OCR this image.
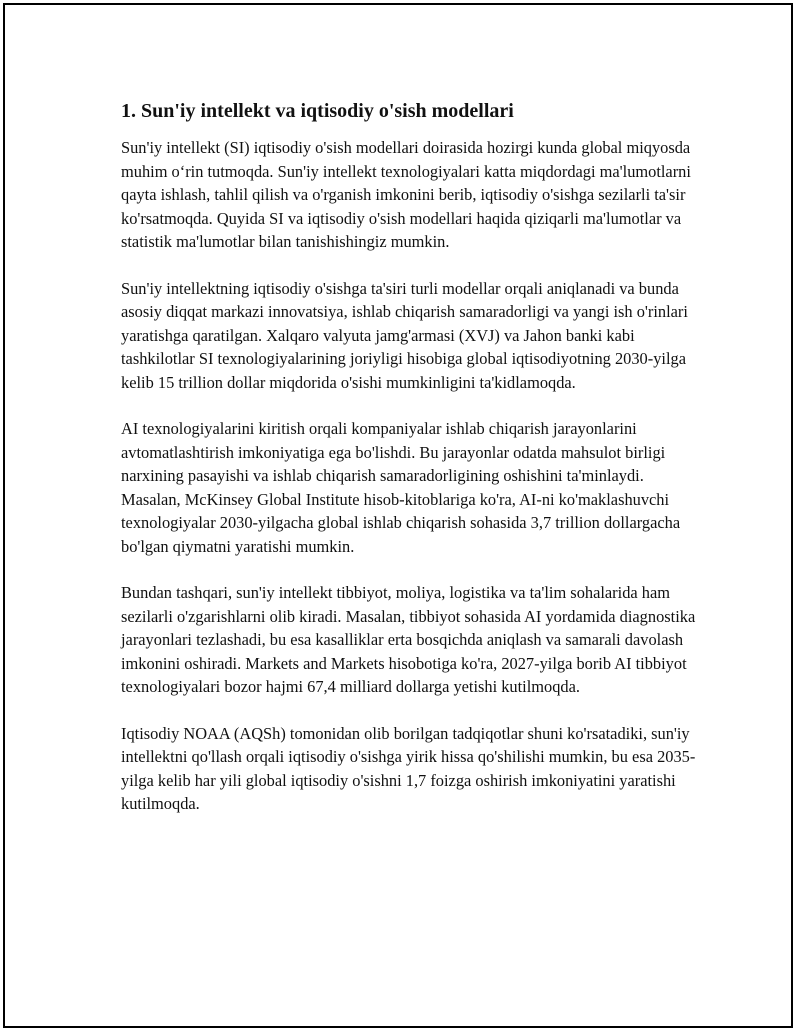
1. Sun'iy intellekt va iqtisodiy o'sish modellari

Sun'iy intellekt (SI) iqtisodiy o'sish modellari doirasida hozirgi kunda global miqyosda muhim oʻrin tutmoqda. Sun'iy intellekt texnologiyalari katta miqdordagi ma'lumotlarni qayta ishlash, tahlil qilish va o'rganish imkonini berib, iqtisodiy o'sishga sezilarli ta'sir ko'rsatmoqda. Quyida SI va iqtisodiy o'sish modellari haqida qiziqarli ma'lumotlar va statistik ma'lumotlar bilan tanishishingiz mumkin.

Sun'iy intellektning iqtisodiy o'sishga ta'siri turli modellar orqali aniqlanadi va bunda asosiy diqqat markazi innovatsiya, ishlab chiqarish samaradorligi va yangi ish o'rinlari yaratishga qaratilgan. Xalqaro valyuta jamg'armasi (XVJ) va Jahon banki kabi tashkilotlar SI texnologiyalarining joriyligi hisobiga global iqtisodiyotning 2030-yilga kelib 15 trillion dollar miqdorida o'sishi mumkinligini ta'kidlamoqda.

AI texnologiyalarini kiritish orqali kompaniyalar ishlab chiqarish jarayonlarini avtomatlashtirish imkoniyatiga ega bo'lishdi. Bu jarayonlar odatda mahsulot birligi narxining pasayishi va ishlab chiqarish samaradorligining oshishini ta'minlaydi. Masalan, McKinsey Global Institute hisob-kitoblariga ko'ra, AI-ni ko'maklashuvchi texnologiyalar 2030-yilgacha global ishlab chiqarish sohasida 3,7 trillion dollargacha bo'lgan qiymatni yaratishi mumkin.

Bundan tashqari, sun'iy intellekt tibbiyot, moliya, logistika va ta'lim sohalarida ham sezilarli o'zgarishlarni olib kiradi. Masalan, tibbiyot sohasida AI yordamida diagnostika jarayonlari tezlashadi, bu esa kasalliklar erta bosqichda aniqlash va samarali davolash imkonini oshiradi. Markets and Markets hisobotiga ko'ra, 2027-yilga borib AI tibbiyot texnologiyalari bozor hajmi 67,4 milliard dollarga yetishi kutilmoqda.

Iqtisodiy NOAA (AQSh) tomonidan olib borilgan tadqiqotlar shuni ko'rsatadiki, sun'iy intellektni qo'llash orqali iqtisodiy o'sishga yirik hissa qo'shilishi mumkin, bu esa 2035-yilga kelib har yili global iqtisodiy o'sishni 1,7 foizga oshirish imkoniyatini yaratishi kutilmoqda.
